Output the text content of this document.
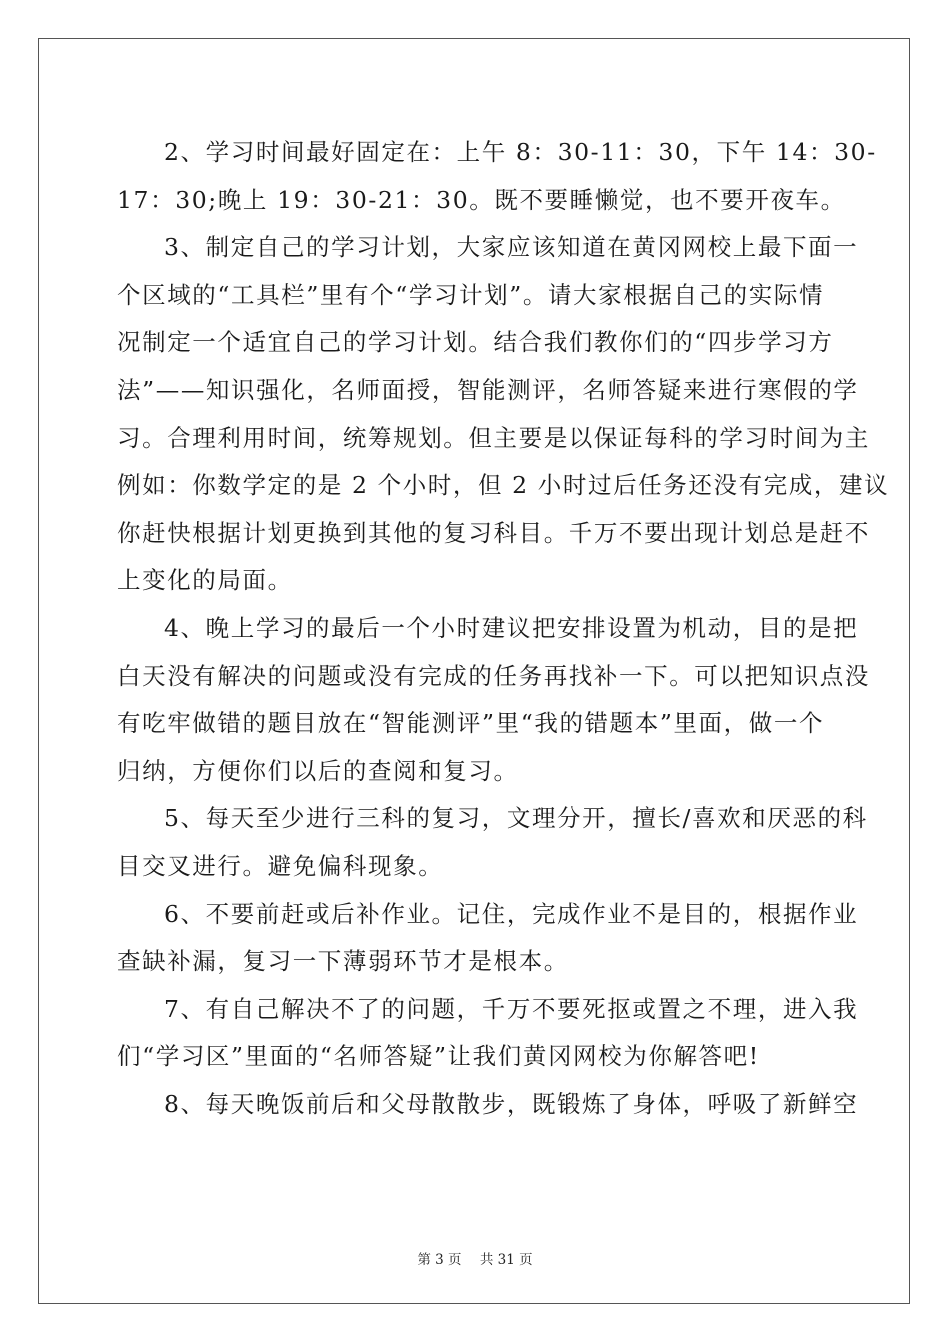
2、学习时间最好固定在：上午 8：30-11：30，下午 14：30-
17：30;晚上 19：30-21：30。既不要睡懒觉，也不要开夜车。
3、制定自己的学习计划，大家应该知道在黄冈网校上最下面一
个区域的“工具栏”里有个“学习计划”。请大家根据自己的实际情
况制定一个适宜自己的学习计划。结合我们教你们的“四步学习方
法”——知识强化，名师面授，智能测评，名师答疑来进行寒假的学
习。合理利用时间，统筹规划。但主要是以保证每科的学习时间为主
例如：你数学定的是 2 个小时，但 2 小时过后任务还没有完成，建议
你赶快根据计划更换到其他的复习科目。千万不要出现计划总是赶不
上变化的局面。
4、晚上学习的最后一个小时建议把安排设置为机动，目的是把
白天没有解决的问题或没有完成的任务再找补一下。可以把知识点没
有吃牢做错的题目放在“智能测评”里“我的错题本”里面，做一个
归纳，方便你们以后的查阅和复习。
5、每天至少进行三科的复习，文理分开，擅长/喜欢和厌恶的科
目交叉进行。避免偏科现象。
6、不要前赶或后补作业。记住，完成作业不是目的，根据作业
查缺补漏，复习一下薄弱环节才是根本。
7、有自己解决不了的问题，千万不要死抠或置之不理，进入我
们“学习区”里面的“名师答疑”让我们黄冈网校为你解答吧!
8、每天晚饭前后和父母散散步，既锻炼了身体，呼吸了新鲜空
第 3 页 共 31 页
